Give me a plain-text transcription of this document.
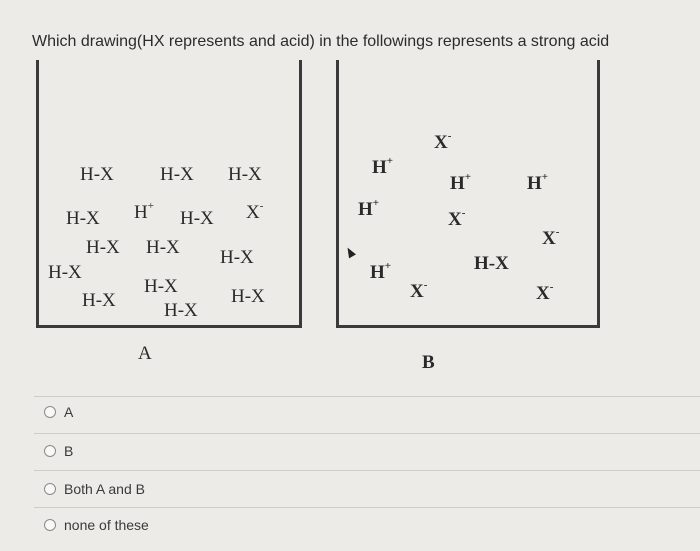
Which drawing(HX represents and acid) in the followings represents a strong acid
H-X H-X H-X
H-X H+
H-X X-
H-X H-X H-X
H-X
H-X	H-X
H-X	H-X
X-
H+
H+	H+
H+
X-
X-
H+	H-X
X-	X-
A	B
A
B
Both A and B
none of these
